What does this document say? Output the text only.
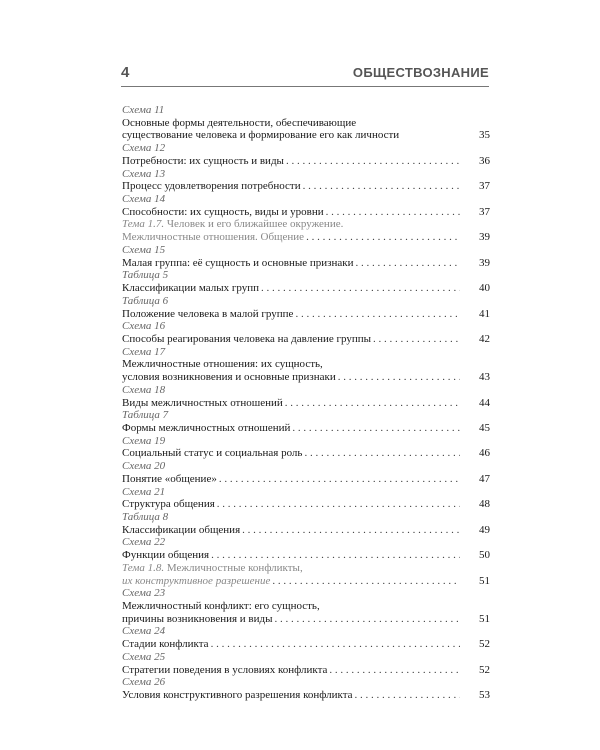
4	ОБЩЕСТВОЗНАНИЕ
Схема 11
Основные формы деятельности, обеспечивающие
существование человека и формирование его как личности	35
Схема 12
Потребности: их сущность и виды . . .	36
Схема 13
Процесс удовлетворения потребности . . .	37
Схема 14
Способности: их сущность, виды и уровни . . .	37
Тема 1.7. Человек и его ближайшее окружение.
Межличностные отношения. Общение . . .	39
Схема 15
Малая группа: её сущность и основные признаки . . .	39
Таблица 5
Классификации малых групп . . .	40
Таблица 6
Положение человека в малой группе . . .	41
Схема 16
Способы реагирования человека на давление группы . . .	42
Схема 17
Межличностные отношения: их сущность,
условия возникновения и основные признаки . . .	43
Схема 18
Виды межличностных отношений . . .	44
Таблица 7
Формы межличностных отношений . . .	45
Схема 19
Социальный статус и социальная роль . . .	46
Схема 20
Понятие «общение» . . .	47
Схема 21
Структура общения . . .	48
Таблица 8
Классификации общения . . .	49
Схема 22
Функции общения . . .	50
Тема 1.8. Межличностные конфликты,
их конструктивное разрешение . . .	51
Схема 23
Межличностный конфликт: его сущность,
причины возникновения и виды . . .	51
Схема 24
Стадии конфликта . . .	52
Схема 25
Стратегии поведения в условиях конфликта . . .	52
Схема 26
Условия конструктивного разрешения конфликта . . .	53
